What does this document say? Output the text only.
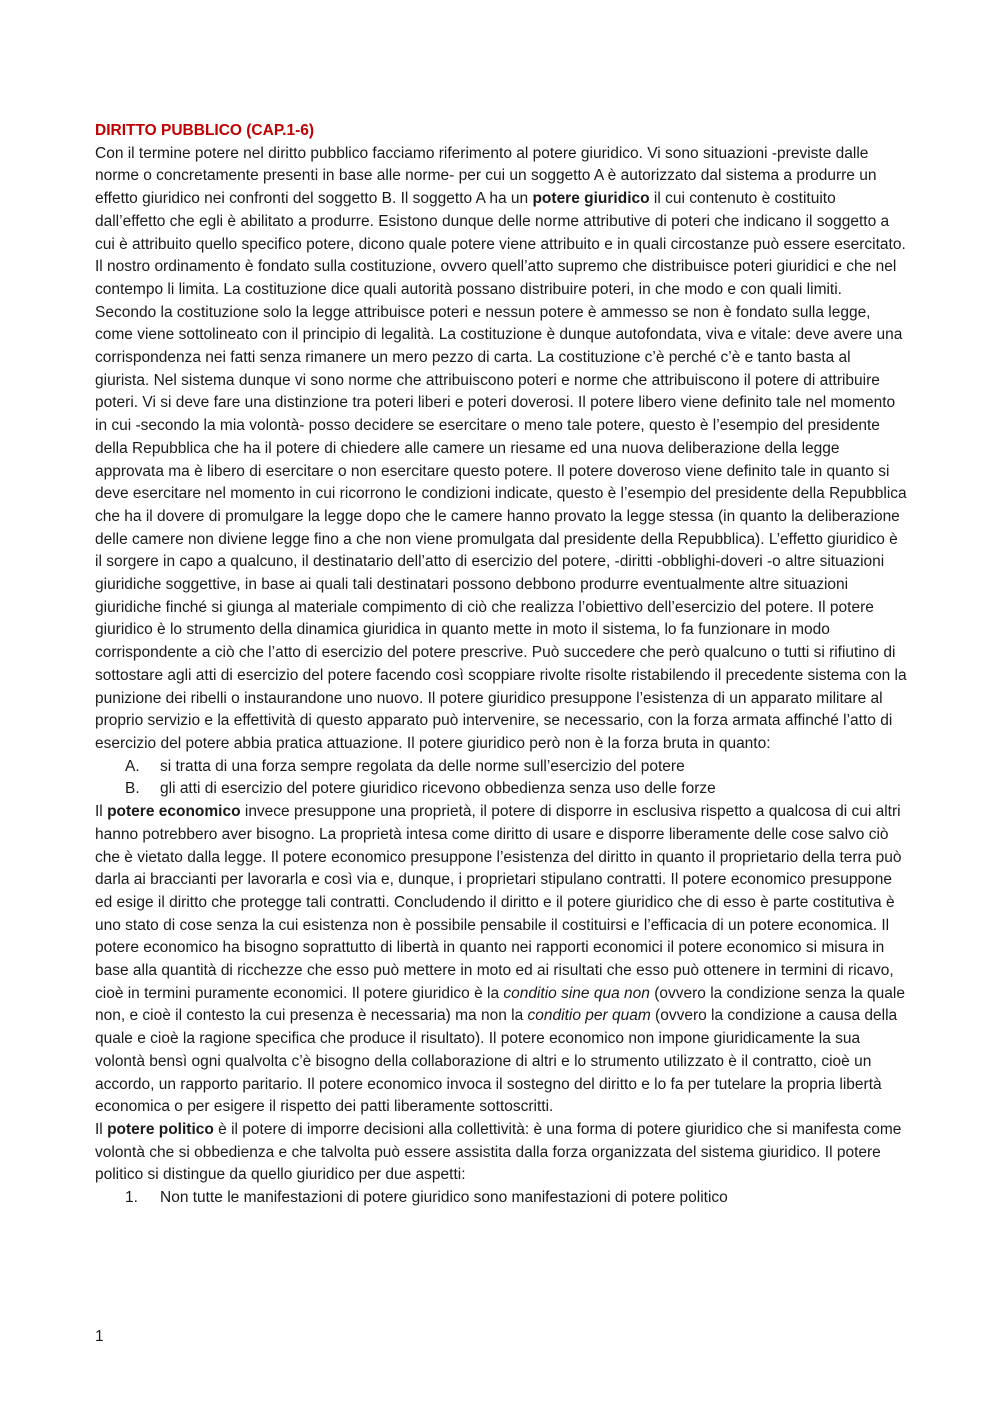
DIRITTO PUBBLICO (CAP.1-6)

Con il termine potere nel diritto pubblico facciamo riferimento al potere giuridico. Vi sono situazioni -previste dalle norme o concretamente presenti in base alle norme- per cui un soggetto A è autorizzato dal sistema a produrre un effetto giuridico nei confronti del soggetto B. Il soggetto A ha un potere giuridico il cui contenuto è costituito dall’effetto che egli è abilitato a produrre. Esistono dunque delle norme attributive di poteri che indicano il soggetto a cui è attribuito quello specifico potere, dicono quale potere viene attribuito e in quali circostanze può essere esercitato. Il nostro ordinamento è fondato sulla costituzione, ovvero quell’atto supremo che distribuisce poteri giuridici e che nel contempo li limita. La costituzione dice quali autorità possano distribuire poteri, in che modo e con quali limiti. Secondo la costituzione solo la legge attribuisce poteri e nessun potere è ammesso se non è fondato sulla legge, come viene sottolineato con il principio di legalità. La costituzione è dunque autofondata, viva e vitale: deve avere una corrispondenza nei fatti senza rimanere un mero pezzo di carta. La costituzione c’è perché c’è e tanto basta al giurista. Nel sistema dunque vi sono norme che attribuiscono poteri e norme che attribuiscono il potere di attribuire poteri. Vi si deve fare una distinzione tra poteri liberi e poteri doverosi. Il potere libero viene definito tale nel momento in cui -secondo la mia volontà- posso decidere se esercitare o meno tale potere, questo è l’esempio del presidente della Repubblica che ha il potere di chiedere alle camere un riesame ed una nuova deliberazione della legge approvata ma è libero di esercitare o non esercitare questo potere. Il potere doveroso viene definito tale in quanto si deve esercitare nel momento in cui ricorrono le condizioni indicate, questo è l’esempio del presidente della Repubblica che ha il dovere di promulgare la legge dopo che le camere hanno provato la legge stessa (in quanto la deliberazione delle camere non diviene legge fino a che non viene promulgata dal presidente della Repubblica). L’effetto giuridico è il sorgere in capo a qualcuno, il destinatario dell’atto di esercizio del potere, -diritti -obblighi-doveri -o altre situazioni giuridiche soggettive, in base ai quali tali destinatari possono debbono produrre eventualmente altre situazioni giuridiche finché si giunga al materiale compimento di ciò che realizza l’obiettivo dell’esercizio del potere. Il potere giuridico è lo strumento della dinamica giuridica in quanto mette in moto il sistema, lo fa funzionare in modo corrispondente a ciò che l’atto di esercizio del potere prescrive. Può succedere che però qualcuno o tutti si rifiutino di sottostare agli atti di esercizio del potere facendo così scoppiare rivolte risolte ristabilendo il precedente sistema con la punizione dei ribelli o instaurandone uno nuovo. Il potere giuridico presuppone l’esistenza di un apparato militare al proprio servizio e la effettività di questo apparato può intervenire, se necessario, con la forza armata affinché l’atto di esercizio del potere abbia pratica attuazione. Il potere giuridico però non è la forza bruta in quanto:

A. si tratta di una forza sempre regolata da delle norme sull’esercizio del potere
B. gli atti di esercizio del potere giuridico ricevono obbedienza senza uso delle forze

Il potere economico invece presuppone una proprietà, il potere di disporre in esclusiva rispetto a qualcosa di cui altri hanno potrebbero aver bisogno. La proprietà intesa come diritto di usare e disporre liberamente delle cose salvo ciò che è vietato dalla legge. Il potere economico presuppone l’esistenza del diritto in quanto il proprietario della terra può darla ai braccianti per lavorarla e così via e, dunque, i proprietari stipulano contratti. Il potere economico presuppone ed esige il diritto che protegge tali contratti. Concludendo il diritto e il potere giuridico che di esso è parte costitutiva è uno stato di cose senza la cui esistenza non è possibile pensabile il costituirsi e l’efficacia di un potere economica. Il potere economico ha bisogno soprattutto di libertà in quanto nei rapporti economici il potere economico si misura in base alla quantità di ricchezze che esso può mettere in moto ed ai risultati che esso può ottenere in termini di ricavo, cioè in termini puramente economici. Il potere giuridico è la conditio sine qua non (ovvero la condizione senza la quale non, e cioè il contesto la cui presenza è necessaria) ma non la conditio per quam (ovvero la condizione a causa della quale e cioè la ragione specifica che produce il risultato). Il potere economico non impone giuridicamente la sua volontà bensì ogni qualvolta c’è bisogno della collaborazione di altri e lo strumento utilizzato è il contratto, cioè un accordo, un rapporto paritario. Il potere economico invoca il sostegno del diritto e lo fa per tutelare la propria libertà economica o per esigere il rispetto dei patti liberamente sottoscritti.

Il potere politico è il potere di imporre decisioni alla collettività: è una forma di potere giuridico che si manifesta come volontà che si obbedienza e che talvolta può essere assistita dalla forza organizzata del sistema giuridico. Il potere politico si distingue da quello giuridico per due aspetti:

1. Non tutte le manifestazioni di potere giuridico sono manifestazioni di potere politico
1
